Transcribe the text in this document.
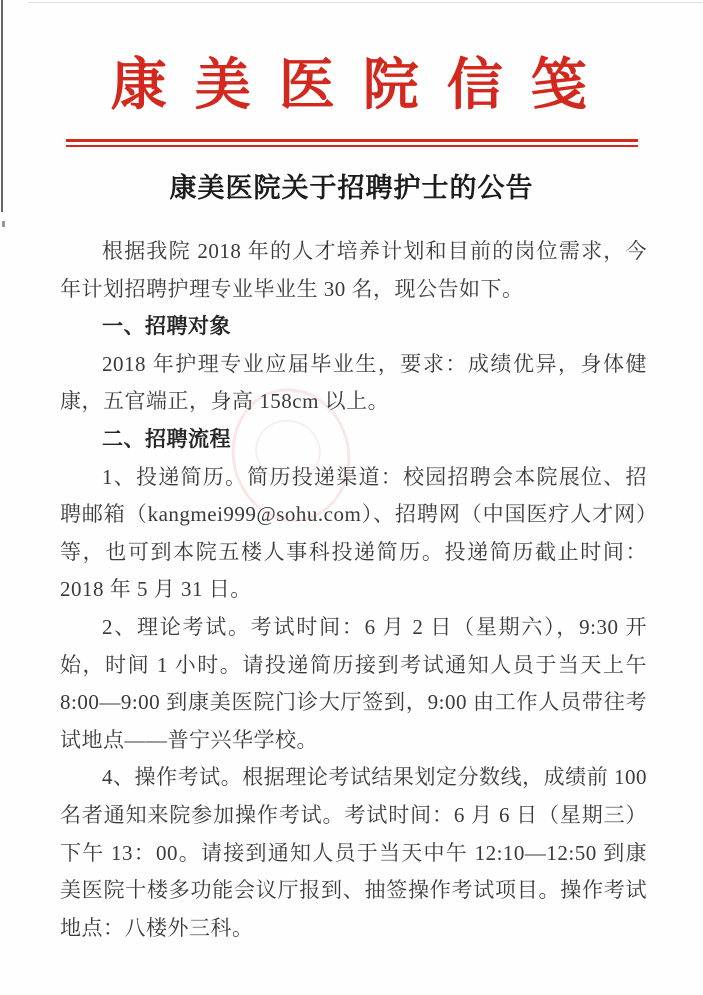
康美医院信笺
康美医院关于招聘护士的公告

根据我院 2018 年的人才培养计划和目前的岗位需求，今年计划招聘护理专业毕业生 30 名，现公告如下。

一、招聘对象

2018 年护理专业应届毕业生，要求：成绩优异，身体健康，五官端正，身高 158cm 以上。

二、招聘流程

1、投递简历。简历投递渠道：校园招聘会本院展位、招聘邮箱（kangmei999@sohu.com）、招聘网（中国医疗人才网）等，也可到本院五楼人事科投递简历。投递简历截止时间：2018 年 5 月 31 日。

2、理论考试。考试时间：6 月 2 日（星期六），9:30 开始，时间 1 小时。请投递简历接到考试通知人员于当天上午 8:00—9:00 到康美医院门诊大厅签到，9:00 由工作人员带往考试地点——普宁兴华学校。

4、操作考试。根据理论考试结果划定分数线，成绩前 100 名者通知来院参加操作考试。考试时间：6 月 6 日（星期三）下午 13：00。请接到通知人员于当天中午 12:10—12:50 到康美医院十楼多功能会议厅报到、抽签操作考试项目。操作考试地点：八楼外三科。
